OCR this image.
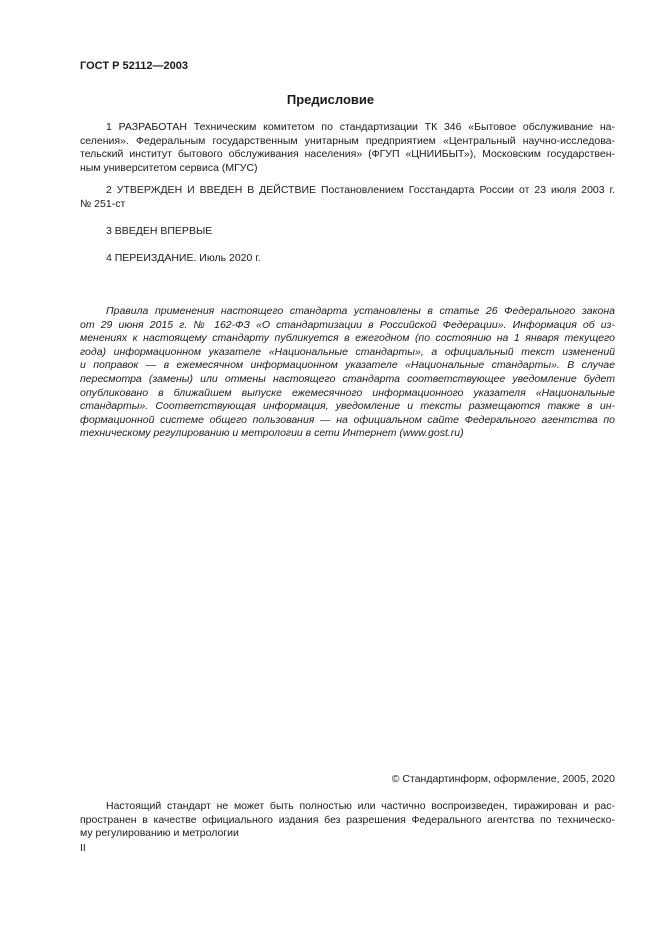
ГОСТ Р 52112—2003
Предисловие
1 РАЗРАБОТАН Техническим комитетом по стандартизации ТК 346 «Бытовое обслуживание на-
селения». Федеральным государственным унитарным предприятием «Центральный научно-исследова-
тельский институт бытового обслуживания населения» (ФГУП «ЦНИИБЫТ»), Московским государствен-
ным университетом сервиса (МГУС)
2 УТВЕРЖДЕН И ВВЕДЕН В ДЕЙСТВИЕ Постановлением Госстандарта России от 23 июля 2003 г.
№ 251-ст
3 ВВЕДЕН ВПЕРВЫЕ
4 ПЕРЕИЗДАНИЕ. Июль 2020 г.
Правила применения настоящего стандарта установлены в статье 26 Федерального закона
от 29 июня 2015 г. № 162-ФЗ «О стандартизации в Российской Федерации». Информация об из-
менениях к настоящему стандарту публикуется в ежегодном (по состоянию на 1 января текущего
года) информационном указателе «Национальные стандарты», а официальный текст изменений
и поправок — в ежемесячном информационном указателе «Национальные стандарты». В случае
пересмотра (замены) или отмены настоящего стандарта соответствующее уведомление будет
опубликовано в ближайшем выпуске ежемесячного информационного указателя «Национальные
стандарты». Соответствующая информация, уведомление и тексты размещаются также в ин-
формационной системе общего пользования — на официальном сайте Федерального агентства по
техническому регулированию и метрологии в сети Интернет (www.gost.ru)
© Стандартинформ, оформление, 2005, 2020
Настоящий стандарт не может быть полностью или частично воспроизведен, тиражирован и рас-
пространен в качестве официального издания без разрешения Федерального агентства по техническо-
му регулированию и метрологии
II
